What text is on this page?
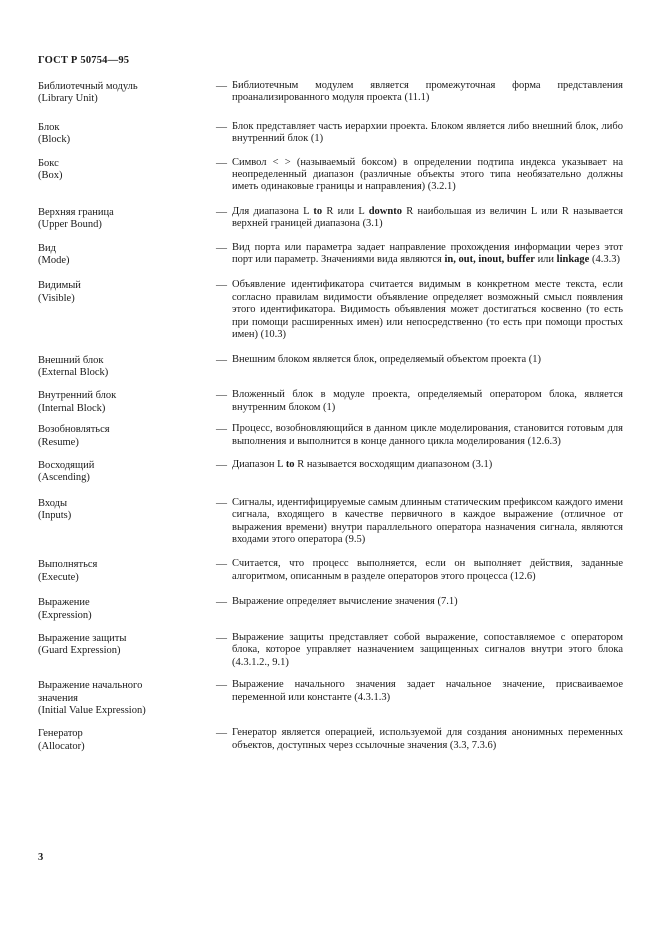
ГОСТ Р 50754—95
Библиотечный модуль
(Library Unit)
— Библиотечным модулем является промежуточная форма представления проанализированного модуля проекта (11.1)
Блок
(Block)
— Блок представляет часть иерархии проекта. Блоком является либо внешний блок, либо внутренний блок (1)
Бокс
(Box)
— Символ < > (называемый боксом) в определении подтипа индекса указывает на неопределенный диапазон (различные объекты этого типа необязательно должны иметь одинаковые границы и направления) (3.2.1)
Верхняя граница
(Upper Bound)
— Для диапазона L to R или L downto R наибольшая из величин L или R называется верхней границей диапазона (3.1)
Вид
(Mode)
— Вид порта или параметра задает направление прохождения информации через этот порт или параметр. Значениями вида являются in, out, inout, buffer или linkage (4.3.3)
Видимый
(Visible)
— Объявление идентификатора считается видимым в конкретном месте текста, если согласно правилам видимости объявление определяет возможный смысл появления этого идентификатора. Видимость объявления может достигаться косвенно (то есть при помощи расширенных имен) или непосредственно (то есть при помощи простых имен) (10.3)
Внешний блок
(External Block)
— Внешним блоком является блок, определяемый объектом проекта (1)
Внутренний блок
(Internal Block)
— Вложенный блок в модуле проекта, определяемый оператором блока, является внутренним блоком (1)
Возобновляться
(Resume)
— Процесс, возобновляющийся в данном цикле моделирования, становится готовым для выполнения и выполнится в конце данного цикла моделирования (12.6.3)
Восходящий
(Ascending)
— Диапазон L to R называется восходящим диапазоном (3.1)
Входы
(Inputs)
— Сигналы, идентифицируемые самым длинным статическим префиксом каждого имени сигнала, входящего в качестве первичного в каждое выражение (отличное от выражения времени) внутри параллельного оператора назначения сигнала, являются входами этого оператора (9.5)
Выполняться
(Execute)
— Считается, что процесс выполняется, если он выполняет действия, заданные алгоритмом, описанным в разделе операторов этого процесса (12.6)
Выражение
(Expression)
— Выражение определяет вычисление значения (7.1)
Выражение защиты
(Guard Expression)
— Выражение защиты представляет собой выражение, сопоставляемое с оператором блока, которое управляет назначением защищенных сигналов внутри этого блока (4.3.1.2., 9.1)
Выражение начального значения
(Initial Value Expression)
— Выражение начального значения задает начальное значение, присваиваемое переменной или константе (4.3.1.3)
Генератор
(Allocator)
— Генератор является операцией, используемой для создания анонимных переменных объектов, доступных через ссылочные значения (3.3, 7.3.6)
3
